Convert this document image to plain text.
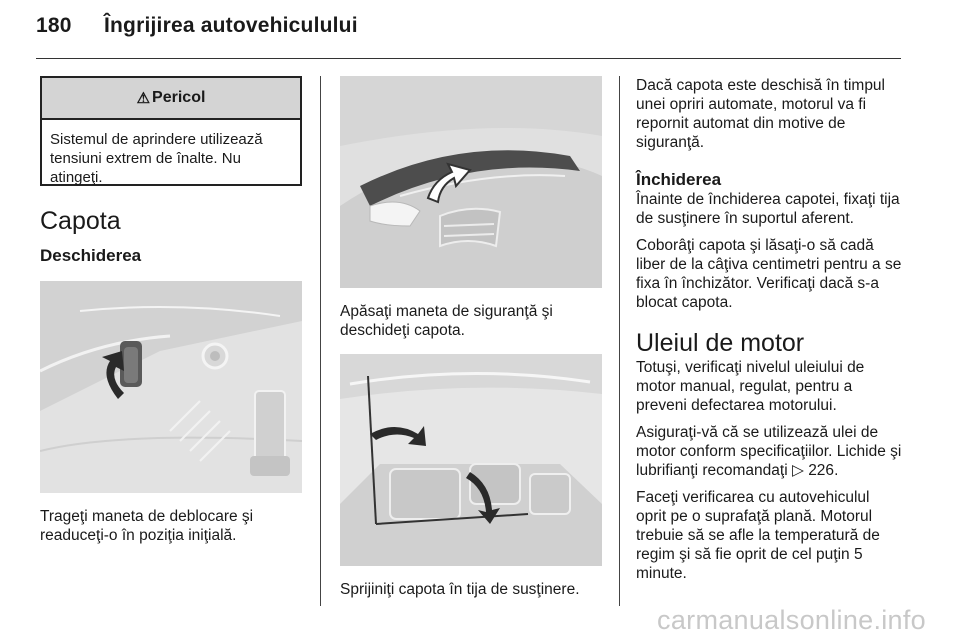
180 Îngrijirea autovehiculului
⚠ Pericol
Sistemul de aprindere utilizează tensiuni extrem de înalte. Nu atingeţi.
Capota
Deschiderea

Trageţi maneta de deblocare şi readuceţi-o în poziţia iniţială.

Apăsaţi maneta de siguranţă şi deschideţi capota.

Sprijiniţi capota în tija de susţinere.

Dacă capota este deschisă în timpul unei opriri automate, motorul va fi repornit automat din motive de siguranţă.

Închiderea

Înainte de închiderea capotei, fixaţi tija de susţinere în suportul aferent.

Coborâţi capota şi lăsaţi-o să cadă liber de la câţiva centimetri pentru a se fixa în închizător. Verificaţi dacă s-a blocat capota.

Uleiul de motor

Totuşi, verificaţi nivelul uleiului de motor manual, regulat, pentru a preveni defectarea motorului.

Asiguraţi-vă că se utilizează ulei de motor conform specificaţiilor. Lichide şi lubrifianţi recomandaţi ▷ 226.

Faceţi verificarea cu autovehiculul oprit pe o suprafaţă plană. Motorul trebuie să se afle la temperatură de regim şi să fie oprit de cel puţin 5 minute.

carmanualsonline.info
